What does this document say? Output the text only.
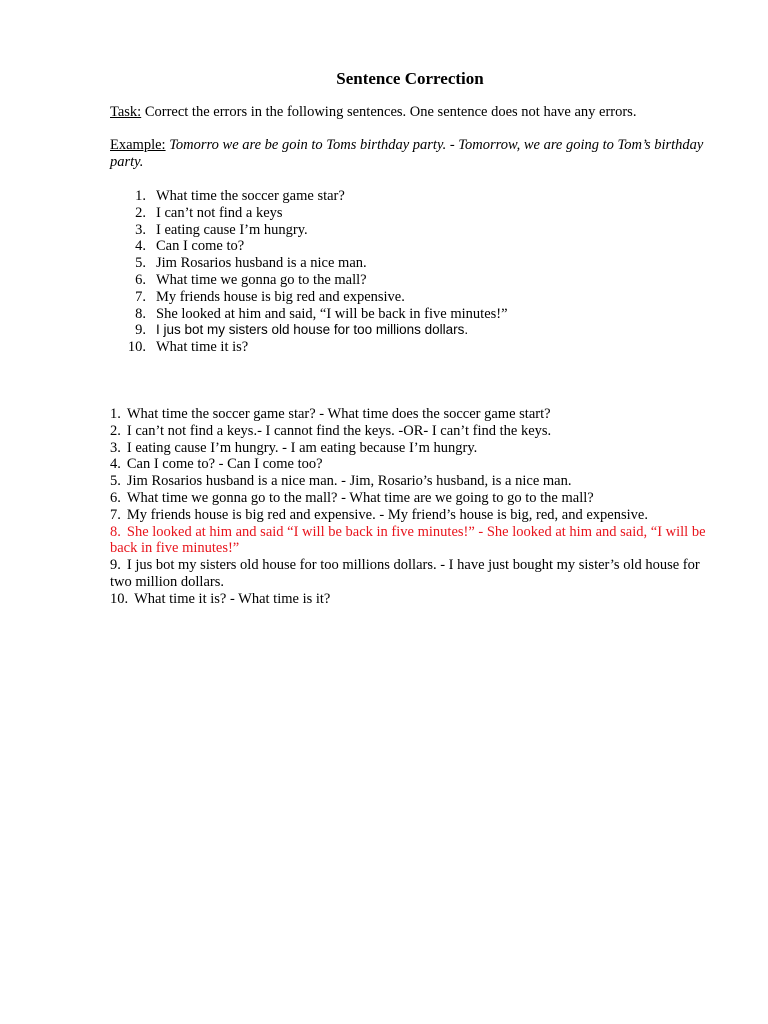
Sentence Correction

Task: Correct the errors in the following sentences. One sentence does not have any errors.

Example: Tomorro we are be goin to Toms birthday party. - Tomorrow, we are going to Tom’s birthday party.

1. What time the soccer game star?
2. I can’t not find a keys
3. I eating cause I’m hungry.
4. Can I come to?
5. Jim Rosarios husband is a nice man.
6. What time we gonna go to the mall?
7. My friends house is big red and expensive.
8. She looked at him and said, “I will be back in five minutes!”
9. I jus bot my sisters old house for too millions dollars.
10. What time it is?

1. What time the soccer game star? - What time does the soccer game start?

2. I can’t not find a keys.- I cannot find the keys. -OR- I can’t find the keys.

3. I eating cause I’m hungry. - I am eating because I’m hungry.

4. Can I come to? - Can I come too?

5. Jim Rosarios husband is a nice man. - Jim, Rosario’s husband, is a nice man.

6. What time we gonna go to the mall? - What time are we going to go to the mall?

7. My friends house is big red and expensive. - My friend’s house is big, red, and expensive.

8. She looked at him and said “I will be back in five minutes!” - She looked at him and said, “I will be back in five minutes!”

9. I jus bot my sisters old house for too millions dollars. - I have just bought my sister’s old house for two million dollars.

10. What time it is? - What time is it?
